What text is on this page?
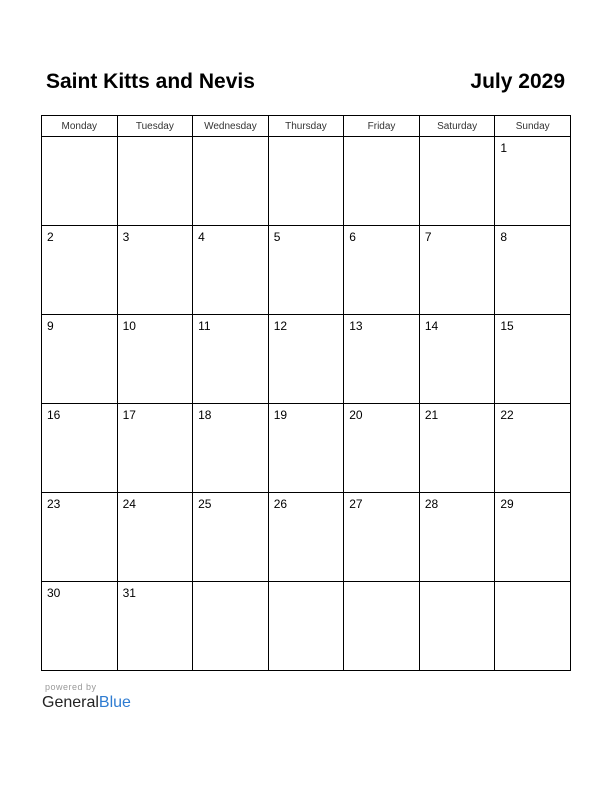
Saint Kitts and Nevis	July 2029
Monday	Tuesday	Wednesday	Thursday	Friday	Saturday	Sunday

						1

2	3	4	5	6	7	8

9	10	11	12	13	14	15

16	17	18	19	20	21	22

23	24	25	26	27	28	29

30	31					

powered by
GeneralBlue
